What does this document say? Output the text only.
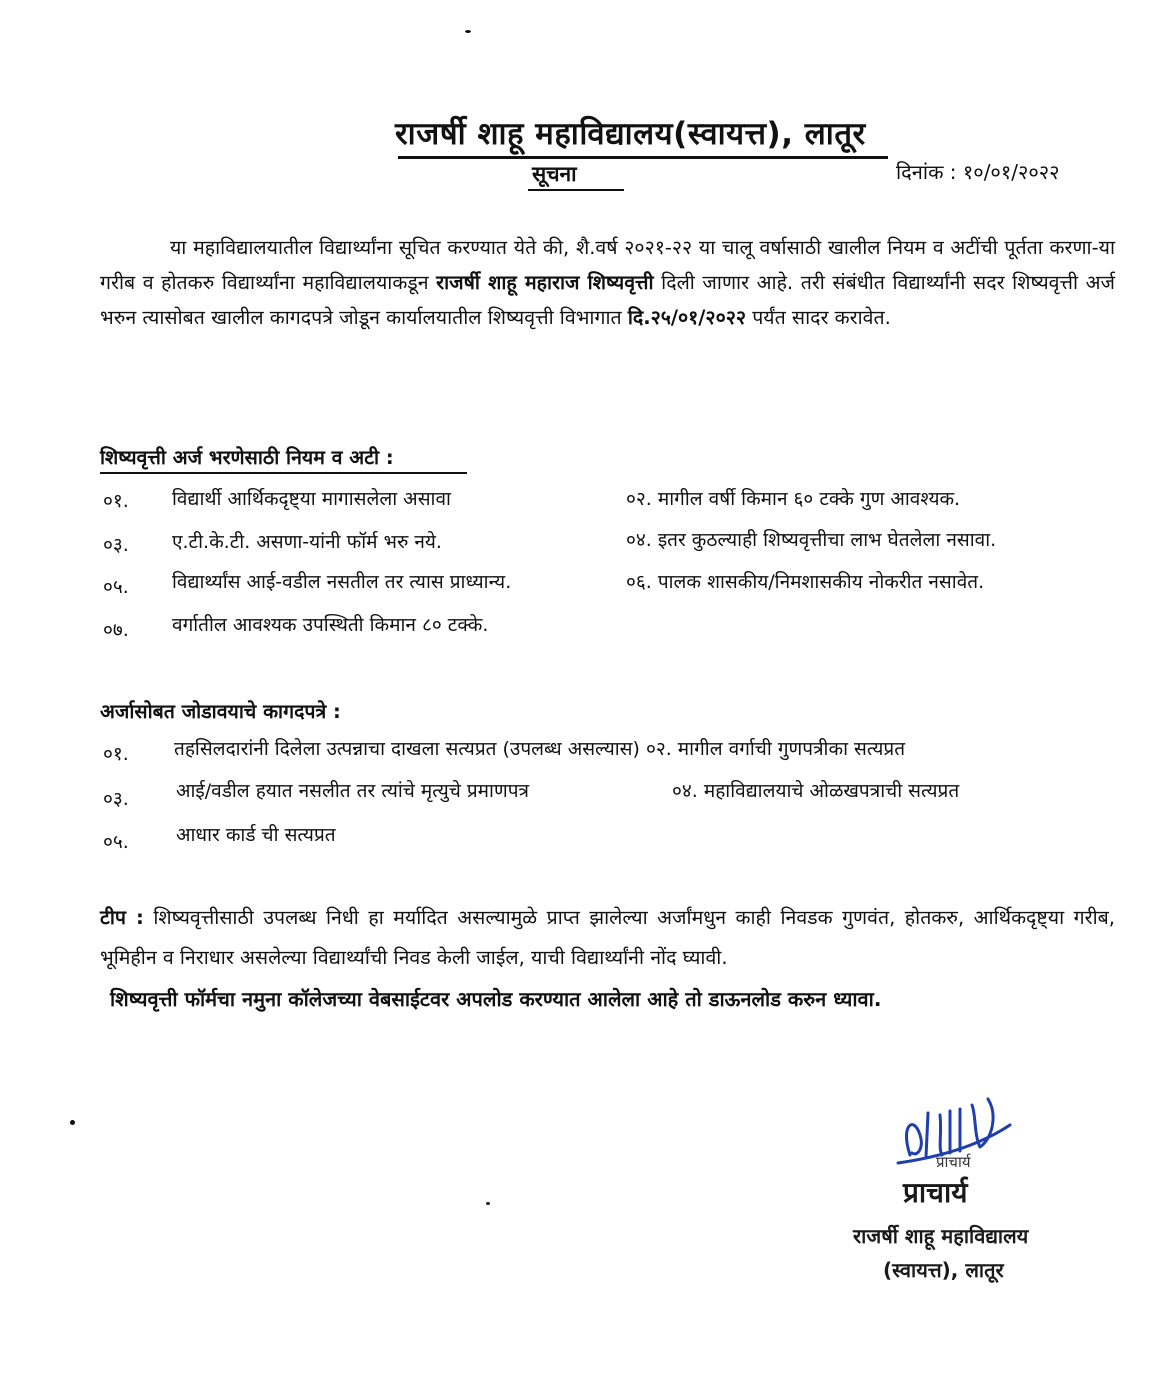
राजर्षी शाहू महाविद्यालय(स्वायत्त), लातूर
सूचना	दिनांक : १०/०१/२०२२
या महाविद्यालयातील विद्यार्थ्यांना सूचित करण्यात येते की, शै.वर्ष २०२१-२२ या चालू वर्षासाठी खालील नियम व अटींची पूर्तता करणा-या गरीब व होतकरु विद्यार्थ्यांना महाविद्यालयाकडून राजर्षी शाहू महाराज शिष्यवृत्ती दिली जाणार आहे. तरी संबंधीत विद्यार्थ्यांनी सदर शिष्यवृत्ती अर्ज भरुन त्यासोबत खालील कागदपत्रे जोडून कार्यालयातील शिष्यवृत्ती विभागात दि.२५/०१/२०२२ पर्यंत सादर करावेत.
शिष्यवृत्ती अर्ज भरणेसाठी नियम व अटी :
०१. विद्यार्थी आर्थिकदृष्ट्या मागासलेला असावा	०२. मागील वर्षी किमान ६० टक्के गुण आवश्यक.
०३. ए.टी.के.टी. असणा-यांनी फॉर्म भरु नये.	०४. इतर कुठल्याही शिष्यवृत्तीचा लाभ घेतलेला नसावा.
०५. विद्यार्थ्यांस आई-वडील नसतील तर त्यास प्राध्यान्य.	०६. पालक शासकीय/निमशासकीय नोकरीत नसावेत.
०७. वर्गातील आवश्यक उपस्थिती किमान ८० टक्के.
अर्जासोबत जोडावयाचे कागदपत्रे :
०१. तहसिलदारांनी दिलेला उत्पन्नाचा दाखला सत्यप्रत (उपलब्ध असल्यास) ०२. मागील वर्गाची गुणपत्रीका सत्यप्रत
०३. आई/वडील हयात नसलीत तर त्यांचे मृत्युचे प्रमाणपत्र	०४. महाविद्यालयाचे ओळखपत्राची सत्यप्रत
०५. आधार कार्ड ची सत्यप्रत
टीप : शिष्यवृत्तीसाठी उपलब्ध निधी हा मर्यादित असल्यामुळे प्राप्त झालेल्या अर्जांमधुन काही निवडक गुणवंत, होतकरु, आर्थिकदृष्ट्या गरीब, भूमिहीन व निराधार असलेल्या विद्यार्थ्यांची निवड केली जाईल, याची विद्यार्थ्यांनी नोंद घ्यावी.
शिष्यवृत्ती फॉर्मचा नमुना कॉलेजच्या वेबसाईटवर अपलोड करण्यात आलेला आहे तो डाऊनलोड करुन ध्यावा.
प्राचार्य
प्राचार्य
राजर्षी शाहू महाविद्यालय
(स्वायत्त), लातूर
